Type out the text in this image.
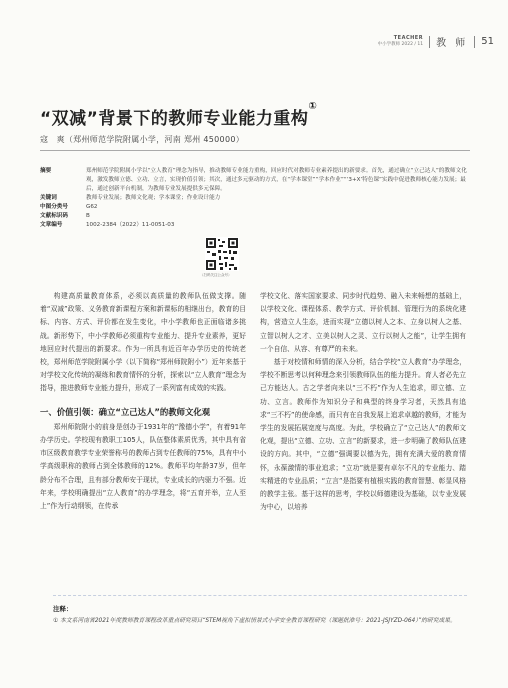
TEACHER
中小学教师 2022 / 11 教 师 51
“双减”背景下的教师专业能力重构①
寇　爽（郑州师范学院附属小学，河南 郑州 450000）
摘要	郑州师范学院附属小学以“立人教育”理念为指导，推动教师专业能力重构，回应时代对教师专业素养提出的新要求。首先，通过确立“立己达人”的教师文化观，激发教师立德、立功、立言，实现价值引领；其次，通过多元驱动的方式，在“学本课堂”“学本作业”“‘3+X’特色课”实践中促进教师核心能力发展；最后，通过创新平台机制，为教师专业发展提供多元保障。
关键词	教师专业发展；教师文化观；学本课堂；作业设计能力
中图分类号	G62
文献标识码	B
文章编号	1002-2384（2022）11-0051-03
（扫码关注公众号）

构建高质量教育体系，必须以高质量的教师队伍做支撑。随着“双减”政策、义务教育新课程方案和新课标的相继出台，教育的目标、内容、方式、评价都在发生变化，中小学教师也正面临诸多挑战。新形势下，中小学教师必须重构专业能力、提升专业素养，更好地回应时代提出的新要求。作为一所具有近百年办学历史的传统老校，郑州师范学院附属小学（以下简称“郑州师院附小”）近年来基于对学校文化传统的凝练和教育情怀的分析，探索以“立人教育”理念为指导，推进教师专业能力提升，形成了一系列富有成效的实践。

一、价值引领：确立“立己达人”的教师文化观

郑州师院附小的前身是创办于1931年的“豫德小学”，有着91年办学历史。学校现有教职工105人，队伍整体素质优秀，其中具有省市区级教育教学专业荣誉称号的教师占到专任教师的75%，具有中小学高级职称的教师占到全体教师的12%。教师平均年龄37岁，但年龄分布不合理，且有部分教师安于现状，专业成长的内驱力不强。近年来，学校明确提出“立人教育”的办学理念，将“五育并举，立人至上”作为行动纲领，在传承

学校文化、落实国家要求、同步时代趋势、融入未来畅想的基础上，以学校文化、课程体系、教学方式、评价机制、管理行为的系统化建构，营造立人生态，进而实现“立德以树人之本、立身以树人之基、立智以树人之才、立美以树人之灵、立行以树人之能”，让学生拥有一个自信、从容、有尊严的未来。

基于对校情和师情的深入分析，结合学校“立人教育”办学理念，学校不断思考以何种理念来引领教师队伍的能力提升。育人者必先立己方能达人。古之学者向来以“三不朽”作为人生追求，即立德、立功、立言。教师作为知识分子和典型的终身学习者，天然具有追求“三不朽”的使命感，而只有在自我发展上追求卓越的教师，才能为学生的发展拓展宽度与高度。为此，学校确立了“立己达人”的教师文化观，提出“立德、立功、立言”的新要求，进一步明确了教师队伍建设的方向。其中，“立德”强调要以德为先，拥有充满大爱的教育情怀，永葆激情的事业追求；“立功”就是要有卓尔不凡的专业能力、踏实精进的专业品质；“立言”是指要有植根实践的教育智慧、彰显风格的教学主张。基于这样的思考，学校以师德建设为基础，以专业发展为中心，以培养

注释：
① 本文系河南省2021年度教师教育课程改革重点研究项目“STEM视角下虚拟情景式小学安全教育课程研究（课题批准号：2021-JSJYZD-064）”的研究成果。
